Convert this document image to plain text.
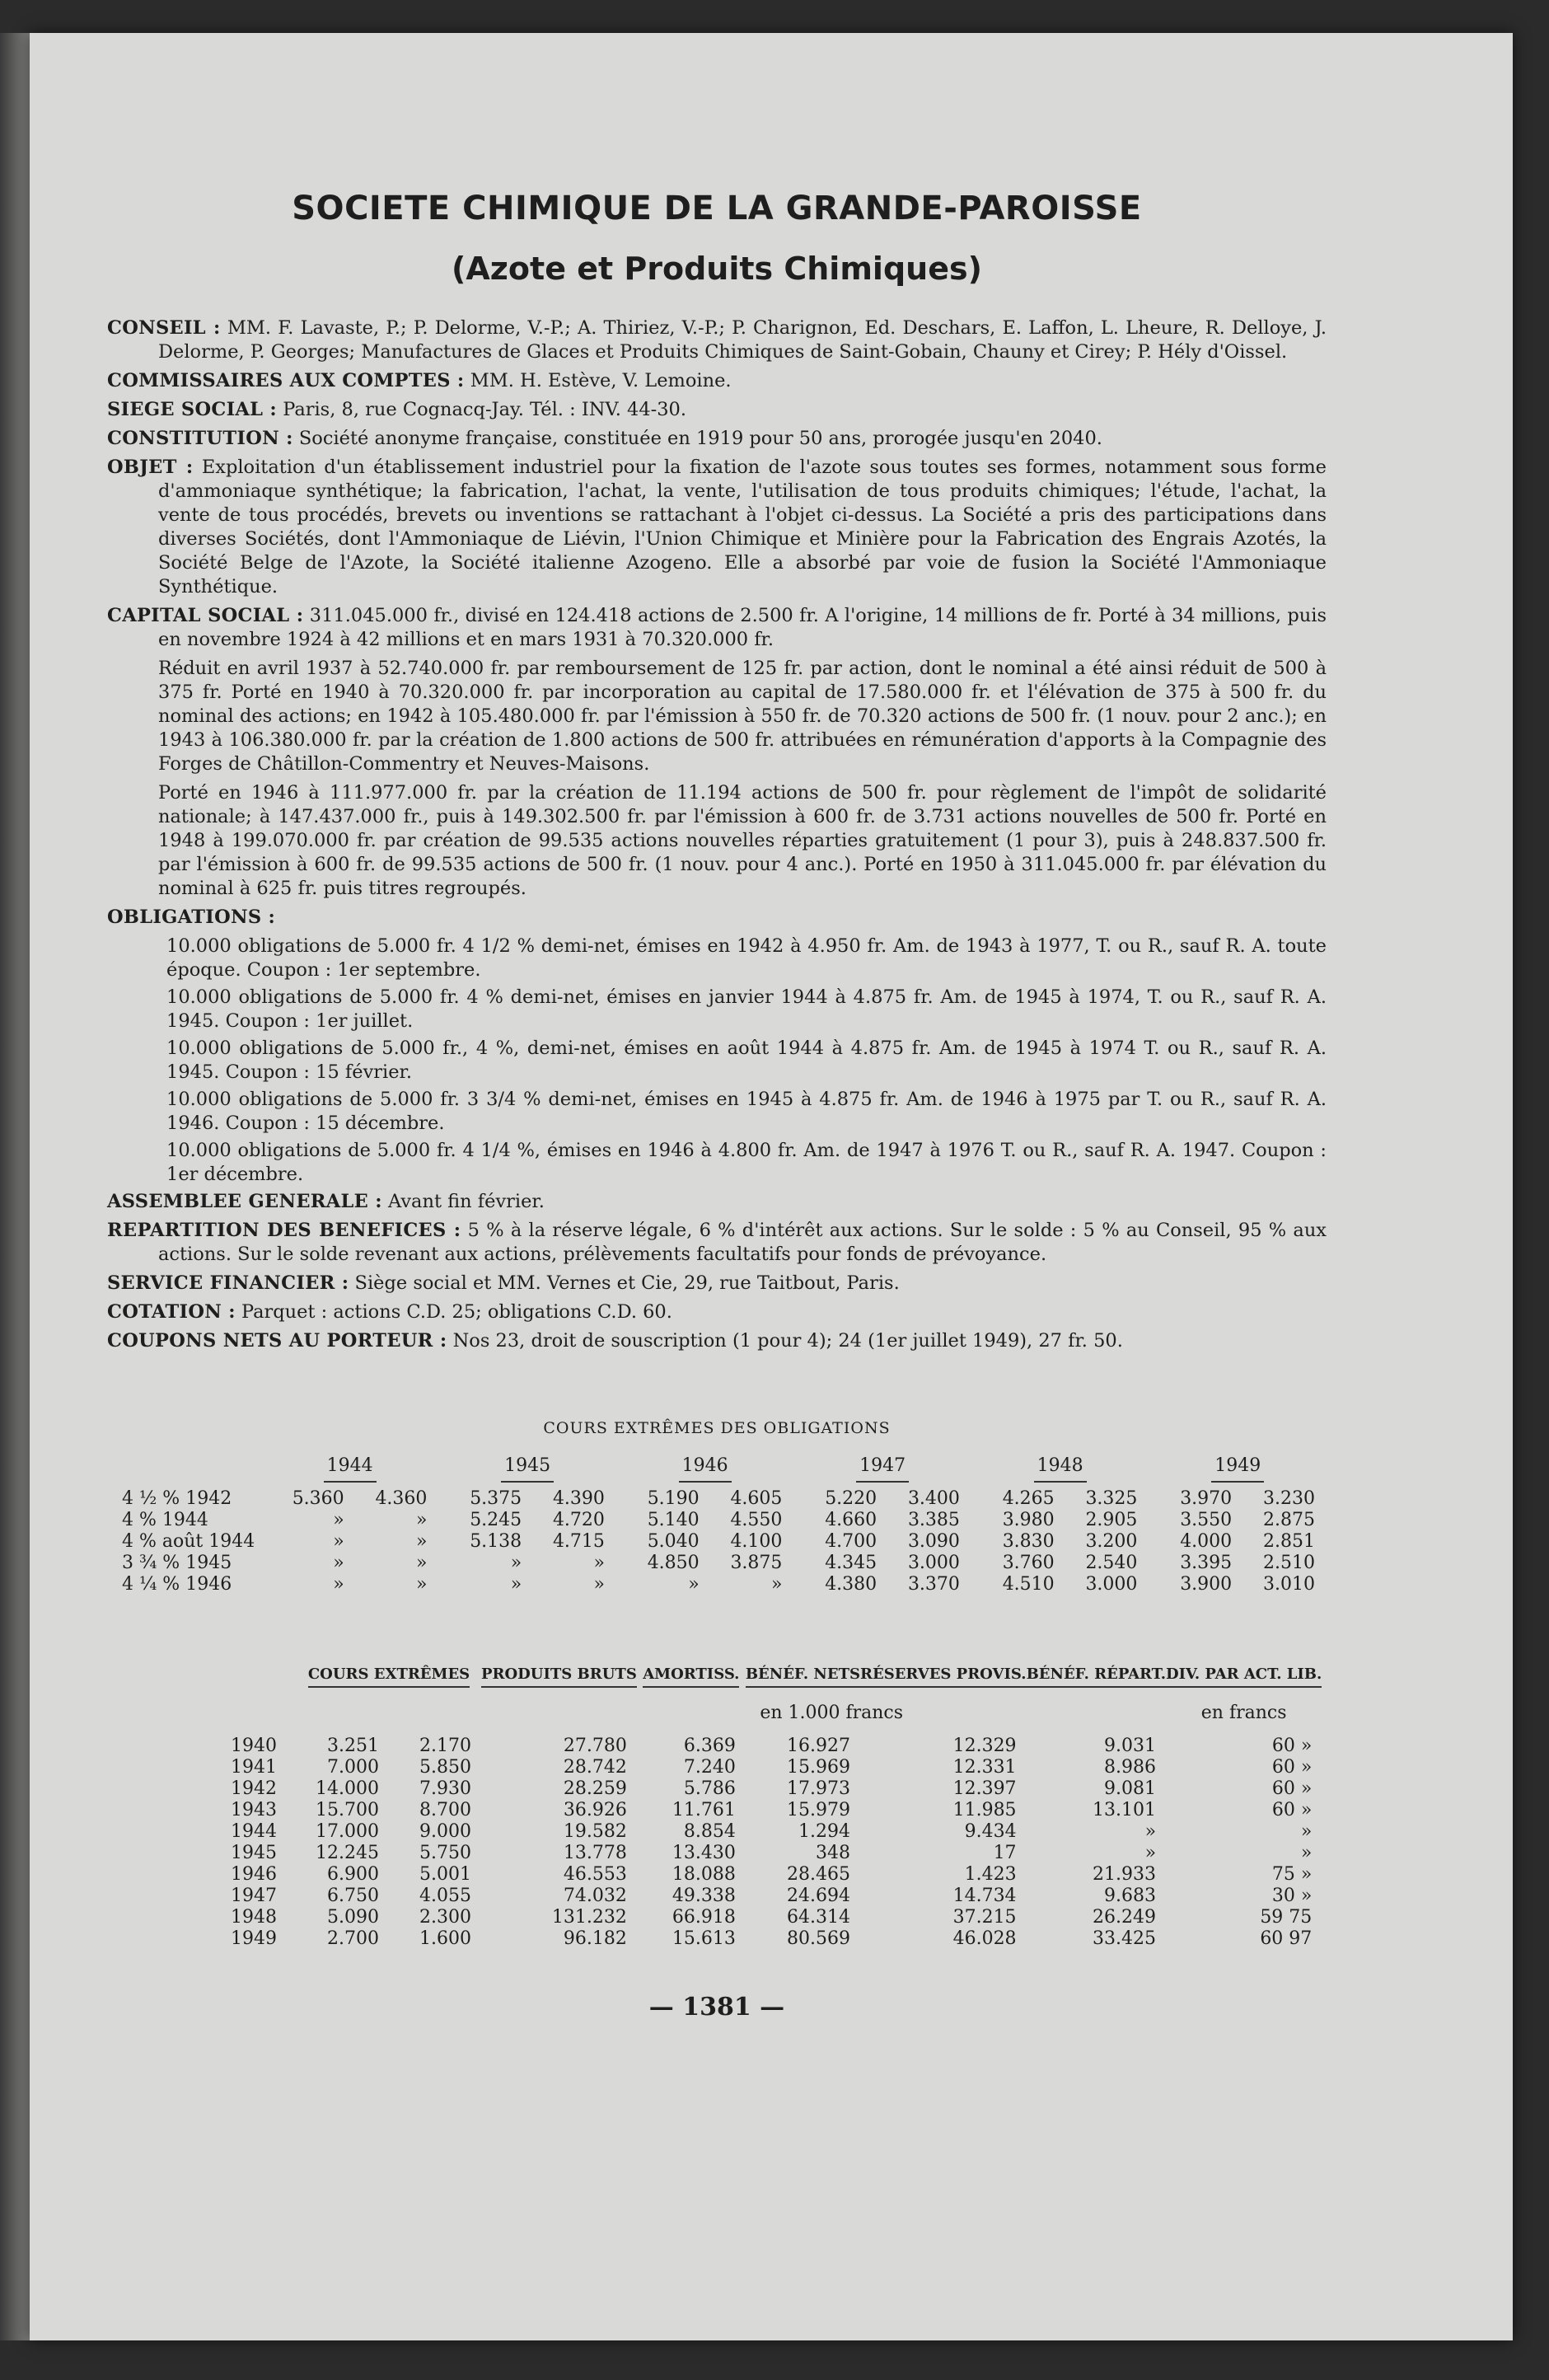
SOCIETE CHIMIQUE DE LA GRANDE-PAROISSE
(Azote et Produits Chimiques)

CONSEIL : MM. F. Lavaste, P.; P. Delorme, V.-P.; A. Thiriez, V.-P.; P. Charignon, Ed. Deschars, E. Laffon, L. Lheure, R. Delloye, J. Delorme, P. Georges; Manufactures de Glaces et Produits Chimiques de Saint-Gobain, Chauny et Cirey; P. Hély d'Oissel.

COMMISSAIRES AUX COMPTES : MM. H. Estève, V. Lemoine.

SIEGE SOCIAL : Paris, 8, rue Cognacq-Jay. Tél. : INV. 44-30.

CONSTITUTION : Société anonyme française, constituée en 1919 pour 50 ans, prorogée jusqu'en 2040.

OBJET : Exploitation d'un établissement industriel pour la fixation de l'azote sous toutes ses formes, notamment sous forme d'ammoniaque synthétique; la fabrication, l'achat, la vente, l'utilisation de tous produits chimiques; l'étude, l'achat, la vente de tous procédés, brevets ou inventions se rattachant à l'objet ci-dessus. La Société a pris des participations dans diverses Sociétés, dont l'Ammoniaque de Liévin, l'Union Chimique et Minière pour la Fabrication des Engrais Azotés, la Société Belge de l'Azote, la Société italienne Azogeno. Elle a absorbé par voie de fusion la Société l'Ammoniaque Synthétique.

CAPITAL SOCIAL : 311.045.000 fr., divisé en 124.418 actions de 2.500 fr. A l'origine, 14 millions de fr. Porté à 34 millions, puis en novembre 1924 à 42 millions et en mars 1931 à 70.320.000 fr.

Réduit en avril 1937 à 52.740.000 fr. par remboursement de 125 fr. par action, dont le nominal a été ainsi réduit de 500 à 375 fr. Porté en 1940 à 70.320.000 fr. par incorporation au capital de 17.580.000 fr. et l'élévation de 375 à 500 fr. du nominal des actions; en 1942 à 105.480.000 fr. par l'émission à 550 fr. de 70.320 actions de 500 fr. (1 nouv. pour 2 anc.); en 1943 à 106.380.000 fr. par la création de 1.800 actions de 500 fr. attribuées en rémunération d'apports à la Compagnie des Forges de Châtillon-Commentry et Neuves-Maisons.

Porté en 1946 à 111.977.000 fr. par la création de 11.194 actions de 500 fr. pour règlement de l'impôt de solidarité nationale; à 147.437.000 fr., puis à 149.302.500 fr. par l'émission à 600 fr. de 3.731 actions nouvelles de 500 fr. Porté en 1948 à 199.070.000 fr. par création de 99.535 actions nouvelles réparties gratuitement (1 pour 3), puis à 248.837.500 fr. par l'émission à 600 fr. de 99.535 actions de 500 fr. (1 nouv. pour 4 anc.). Porté en 1950 à 311.045.000 fr. par élévation du nominal à 625 fr. puis titres regroupés.

OBLIGATIONS :

10.000 obligations de 5.000 fr. 4 1/2 % demi-net, émises en 1942 à 4.950 fr. Am. de 1943 à 1977, T. ou R., sauf R. A. toute époque. Coupon : 1er septembre.

10.000 obligations de 5.000 fr. 4 % demi-net, émises en janvier 1944 à 4.875 fr. Am. de 1945 à 1974, T. ou R., sauf R. A. 1945. Coupon : 1er juillet.

10.000 obligations de 5.000 fr., 4 %, demi-net, émises en août 1944 à 4.875 fr. Am. de 1945 à 1974 T. ou R., sauf R. A. 1945. Coupon : 15 février.

10.000 obligations de 5.000 fr. 3 3/4 % demi-net, émises en 1945 à 4.875 fr. Am. de 1946 à 1975 par T. ou R., sauf R. A. 1946. Coupon : 15 décembre.

10.000 obligations de 5.000 fr. 4 1/4 %, émises en 1946 à 4.800 fr. Am. de 1947 à 1976 T. ou R., sauf R. A. 1947. Coupon : 1er décembre.

ASSEMBLEE GENERALE : Avant fin février.

REPARTITION DES BENEFICES : 5 % à la réserve légale, 6 % d'intérêt aux actions. Sur le solde : 5 % au Conseil, 95 % aux actions. Sur le solde revenant aux actions, prélèvements facultatifs pour fonds de prévoyance.

SERVICE FINANCIER : Siège social et MM. Vernes et Cie, 29, rue Taitbout, Paris.

COTATION : Parquet : actions C.D. 25; obligations C.D. 60.

COUPONS NETS AU PORTEUR : Nos 23, droit de souscription (1 pour 4); 24 (1er juillet 1949), 27 fr. 50.

COURS EXTRÊMES DES OBLIGATIONS
	1944		1945		1946		1947		1948		1949	
4 ½ % 1942	5.360	4.360	5.375	4.390	5.190	4.605	5.220	3.400	4.265	3.325	3.970	3.230
4 % 1944	»	»	5.245	4.720	5.140	4.550	4.660	3.385	3.980	2.905	3.550	2.875
4 % août 1944	»	»	5.138	4.715	5.040	4.100	4.700	3.090	3.830	3.200	4.000	2.851
3 ¾ % 1945	»	»	»	»	4.850	3.875	4.345	3.000	3.760	2.540	3.395	2.510
4 ¼ % 1946	»	»	»	»	»	»	4.380	3.370	4.510	3.000	3.900	3.010
	COURS EXTRÊMES		PRODUITS BRUTS	AMORTISS.	BÉNÉF. NETS	RÉSERVES PROVIS.	BÉNÉF. RÉPART.	DIV. PAR ACT. LIB.
				en 1.000 francs				en francs
1940	3.251	2.170	27.780	6.369	16.927	12.329	9.031	60 »
1941	7.000	5.850	28.742	7.240	15.969	12.331	8.986	60 »
1942	14.000	7.930	28.259	5.786	17.973	12.397	9.081	60 »
1943	15.700	8.700	36.926	11.761	15.979	11.985	13.101	60 »
1944	17.000	9.000	19.582	8.854	1.294	9.434	»	»
1945	12.245	5.750	13.778	13.430	348	17	»	»
1946	6.900	5.001	46.553	18.088	28.465	1.423	21.933	75 »
1947	6.750	4.055	74.032	49.338	24.694	14.734	9.683	30 »
1948	5.090	2.300	131.232	66.918	64.314	37.215	26.249	59 75
1949	2.700	1.600	96.182	15.613	80.569	46.028	33.425	60 97
— 1381 —
